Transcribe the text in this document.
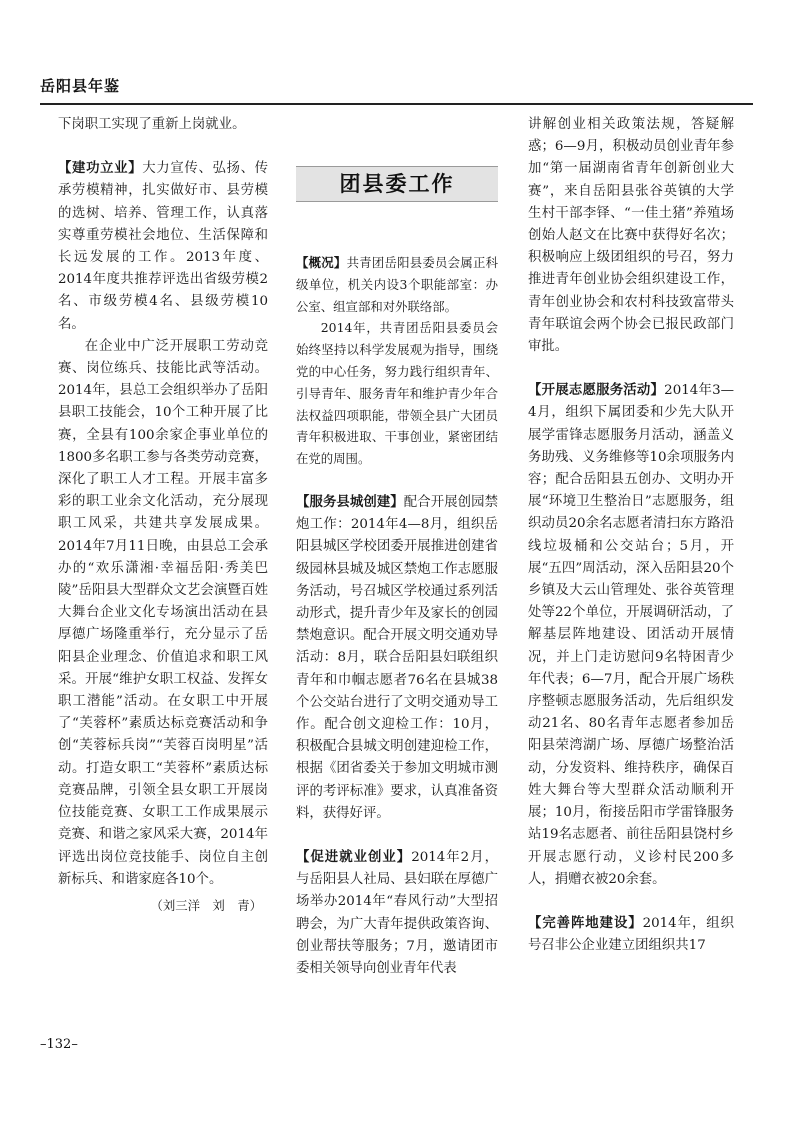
岳阳县年鉴

下岗职工实现了重新上岗就业。

【建功立业】大力宣传、弘扬、传承劳模精神，扎实做好市、县劳模的选树、培养、管理工作，认真落实尊重劳模社会地位、生活保障和长远发展的工作。2013年度、2014年度共推荐评选出省级劳模2名、市级劳模4名、县级劳模10名。

在企业中广泛开展职工劳动竞赛、岗位练兵、技能比武等活动。2014年，县总工会组织举办了岳阳县职工技能会，10个工种开展了比赛，全县有100余家企事业单位的1800多名职工参与各类劳动竞赛，深化了职工人才工程。开展丰富多彩的职工业余文化活动，充分展现职工风采，共建共享发展成果。2014年7月11日晚，由县总工会承办的“欢乐潇湘·幸福岳阳·秀美巴陵”岳阳县大型群众文艺会演暨百姓大舞台企业文化专场演出活动在县厚德广场隆重举行，充分显示了岳阳县企业理念、价值追求和职工风采。开展“维护女职工权益、发挥女职工潜能”活动。在女职工中开展了“芙蓉杯”素质达标竞赛活动和争创“芙蓉标兵岗”“芙蓉百岗明星”活动。打造女职工“芙蓉杯”素质达标竞赛品牌，引领全县女职工开展岗位技能竞赛、女职工工作成果展示竞赛、和谐之家风采大赛，2014年评选出岗位竞技能手、岗位自主创新标兵、和谐家庭各10个。

（刘三洋　刘　青）
团县委工作

【概况】共青团岳阳县委员会属正科级单位，机关内设3个职能部室：办公室、组宣部和对外联络部。

2014年，共青团岳阳县委员会始终坚持以科学发展观为指导，围绕党的中心任务，努力践行组织青年、引导青年、服务青年和维护青少年合法权益四项职能，带领全县广大团员青年积极进取、干事创业，紧密团结在党的周围。

【服务县城创建】配合开展创园禁炮工作：2014年4—8月，组织岳阳县城区学校团委开展推进创建省级园林县城及城区禁炮工作志愿服务活动，号召城区学校通过系列活动形式，提升青少年及家长的创园禁炮意识。配合开展文明交通劝导活动：8月，联合岳阳县妇联组织青年和巾帼志愿者76名在县城38个公交站台进行了文明交通劝导工作。配合创文迎检工作：10月，积极配合县城文明创建迎检工作，根据《团省委关于参加文明城市测评的考评标准》要求，认真准备资料，获得好评。

【促进就业创业】2014年2月，与岳阳县人社局、县妇联在厚德广场举办2014年“春风行动”大型招聘会，为广大青年提供政策咨询、创业帮扶等服务；7月，邀请团市委相关领导向创业青年代表

讲解创业相关政策法规，答疑解惑；6—9月，积极动员创业青年参加“第一届湖南省青年创新创业大赛”，来自岳阳县张谷英镇的大学生村干部李铎、“一佳土猪”养殖场创始人赵文在比赛中获得好名次；积极响应上级团组织的号召，努力推进青年创业协会组织建设工作，青年创业协会和农村科技致富带头青年联谊会两个协会已报民政部门审批。

【开展志愿服务活动】2014年3—4月，组织下属团委和少先大队开展学雷锋志愿服务月活动，涵盖义务助残、义务维修等10余项服务内容；配合岳阳县五创办、文明办开展“环境卫生整治日”志愿服务，组织动员20余名志愿者清扫东方路沿线垃圾桶和公交站台；5月，开展“五四”周活动，深入岳阳县20个乡镇及大云山管理处、张谷英管理处等22个单位，开展调研活动，了解基层阵地建设、团活动开展情况，并上门走访慰问9名特困青少年代表；6—7月，配合开展广场秩序整顿志愿服务活动，先后组织发动21名、80名青年志愿者参加岳阳县荣湾湖广场、厚德广场整治活动，分发资料、维持秩序，确保百姓大舞台等大型群众活动顺利开展；10月，衔接岳阳市学雷锋服务站19名志愿者、前往岳阳县饶村乡开展志愿行动，义诊村民200多人，捐赠衣被20余套。

【完善阵地建设】2014年，组织号召非公企业建立团组织共17

–132–
